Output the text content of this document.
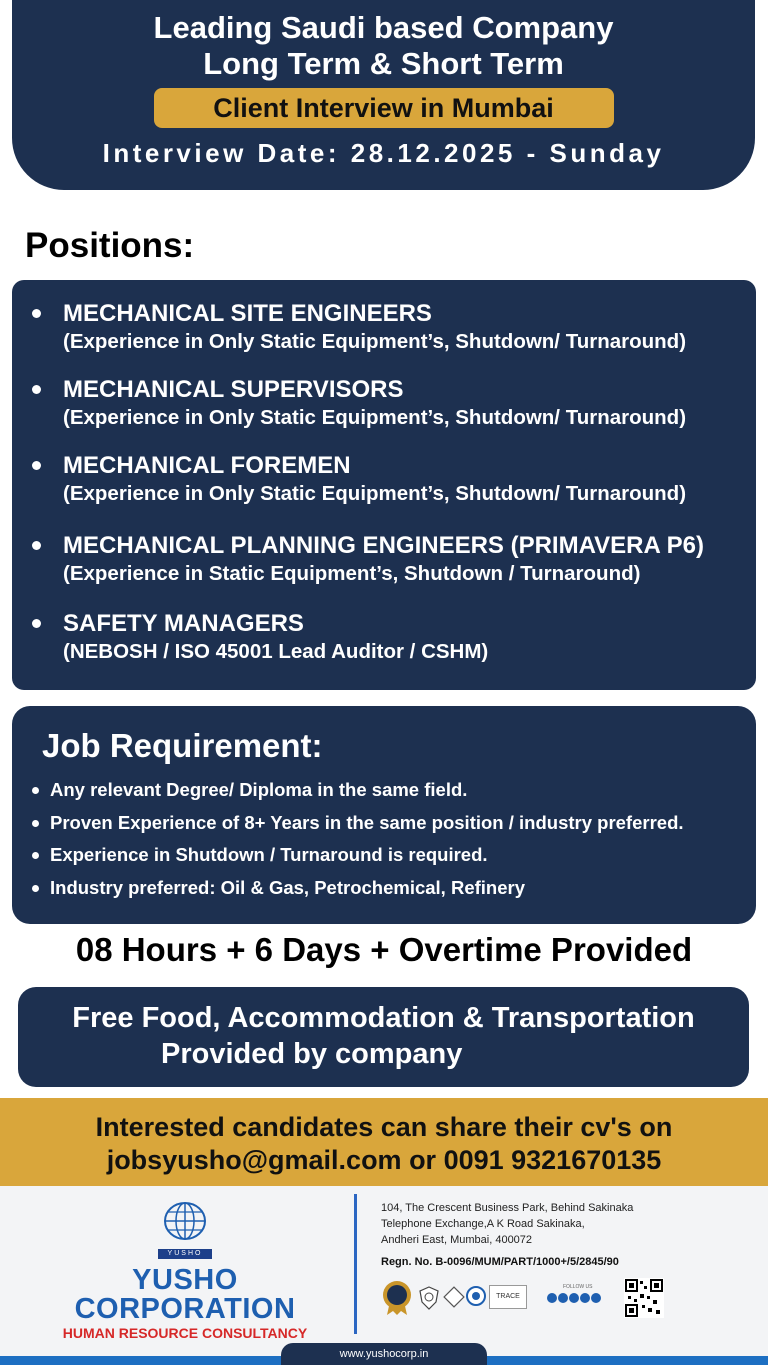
Leading Saudi based Company
Long Term & Short Term
Client Interview in Mumbai
Interview Date: 28.12.2025 - Sunday
Positions:
MECHANICAL SITE ENGINEERS
(Experience in Only Static Equipment’s, Shutdown/ Turnaround)
MECHANICAL SUPERVISORS
(Experience in Only Static Equipment’s, Shutdown/ Turnaround)
MECHANICAL FOREMEN
(Experience in Only Static Equipment’s, Shutdown/ Turnaround)
MECHANICAL PLANNING ENGINEERS (PRIMAVERA P6)
(Experience in Static Equipment’s, Shutdown / Turnaround)
SAFETY MANAGERS
(NEBOSH / ISO 45001 Lead Auditor / CSHM)
Job Requirement:
Any relevant Degree/ Diploma in the same field.
Proven Experience of 8+ Years in the same position / industry preferred.
Experience in Shutdown / Turnaround is required.
Industry preferred: Oil & Gas, Petrochemical, Refinery
08 Hours + 6 Days + Overtime Provided
Free Food, Accommodation & Transportation
Provided by company
Interested candidates can share their cv's on
jobsyusho@gmail.com or 0091 9321670135
YUSHO
YUSHO
CORPORATION
HUMAN RESOURCE CONSULTANCY
104, The Crescent Business Park, Behind Sakinaka
Telephone Exchange,A K Road Sakinaka,
Andheri East, Mumbai, 400072
Regn. No. B-0096/MUM/PART/1000+/5/2845/90
TRACE
FOLLOW US
www.yushocorp.in
